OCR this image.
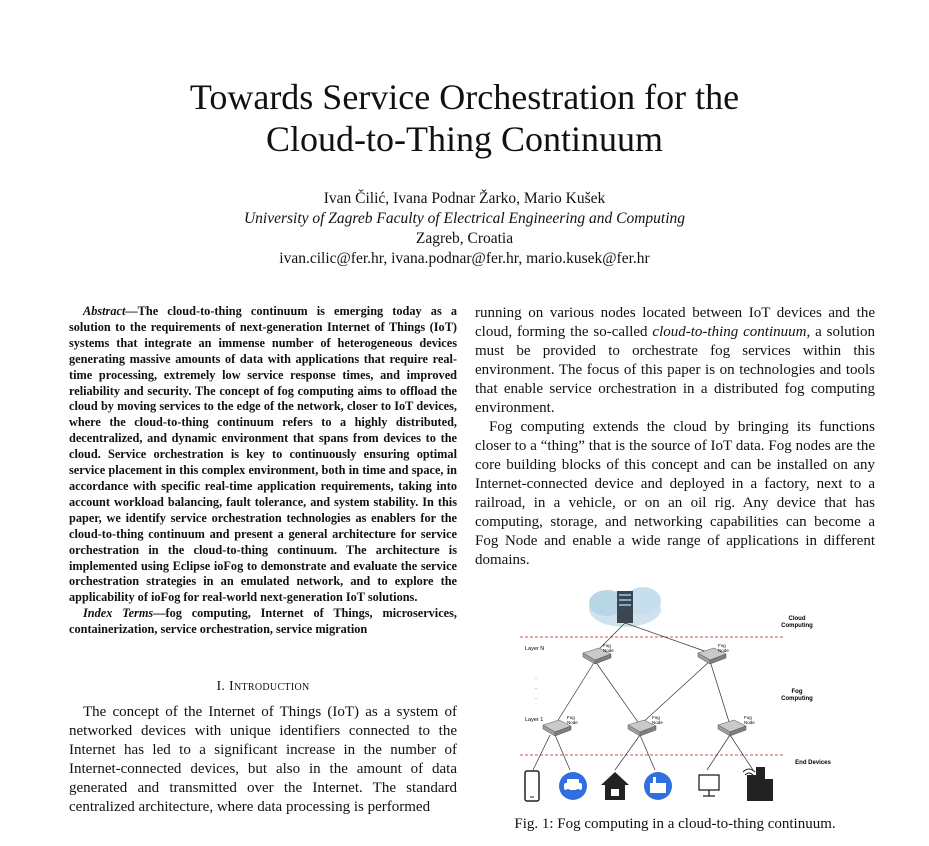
Towards Service Orchestration for the
Cloud-to-Thing Continuum
Ivan Čilić, Ivana Podnar Žarko, Mario Kušek
University of Zagreb Faculty of Electrical Engineering and Computing
Zagreb, Croatia
ivan.cilic@fer.hr, ivana.podnar@fer.hr, mario.kusek@fer.hr

Abstract—The cloud-to-thing continuum is emerging today as a solution to the requirements of next-generation Internet of Things (IoT) systems that integrate an immense number of heterogeneous devices generating massive amounts of data with applications that require real-time processing, extremely low service response times, and improved reliability and security. The concept of fog computing aims to offload the cloud by moving services to the edge of the network, closer to IoT devices, where the cloud-to-thing continuum refers to a highly distributed, decentralized, and dynamic environment that spans from devices to the cloud. Service orchestration is key to continuously ensuring optimal service placement in this complex environment, both in time and space, in accordance with specific real-time application requirements, taking into account workload balancing, fault tolerance, and system stability. In this paper, we identify service orchestration technologies as enablers for the cloud-to-thing continuum and present a general architecture for service orchestration in the cloud-to-thing continuum. The architecture is implemented using Eclipse ioFog to demonstrate and evaluate the service orchestration strategies in an emulated network, and to explore the applicability of ioFog for real-world next-generation IoT solutions.

Index Terms—fog computing, Internet of Things, microservices, containerization, service orchestration, service migration

I. Introduction

The concept of the Internet of Things (IoT) as a system of networked devices with unique identifiers connected to the Internet has led to a significant increase in the number of Internet-connected devices, but also in the amount of data generated and transmitted over the Internet. The standard centralized architecture, where data processing is performed

running on various nodes located between IoT devices and the cloud, forming the so-called cloud-to-thing continuum, a solution must be provided to orchestrate fog services within this environment. The focus of this paper is on technologies and tools that enable service orchestration in a distributed fog computing environment.

Fog computing extends the cloud by bringing its functions closer to a “thing” that is the source of IoT data. Fog nodes are the core building blocks of this concept and can be installed on any Internet-connected device and deployed in a factory, next to a railroad, in a vehicle, or on an oil rig. Any device that has computing, storage, and networking capabilities can become a Fog Node and enable a wide range of applications in different domains.

Cloud Computing
Fog Computing
End Devices
Layer N
Layer 1
·
·
·
Fog Node
Fog Node
Fog Node
Fog Node
Fog Node
Fig. 1: Fog computing in a cloud-to-thing continuum.
